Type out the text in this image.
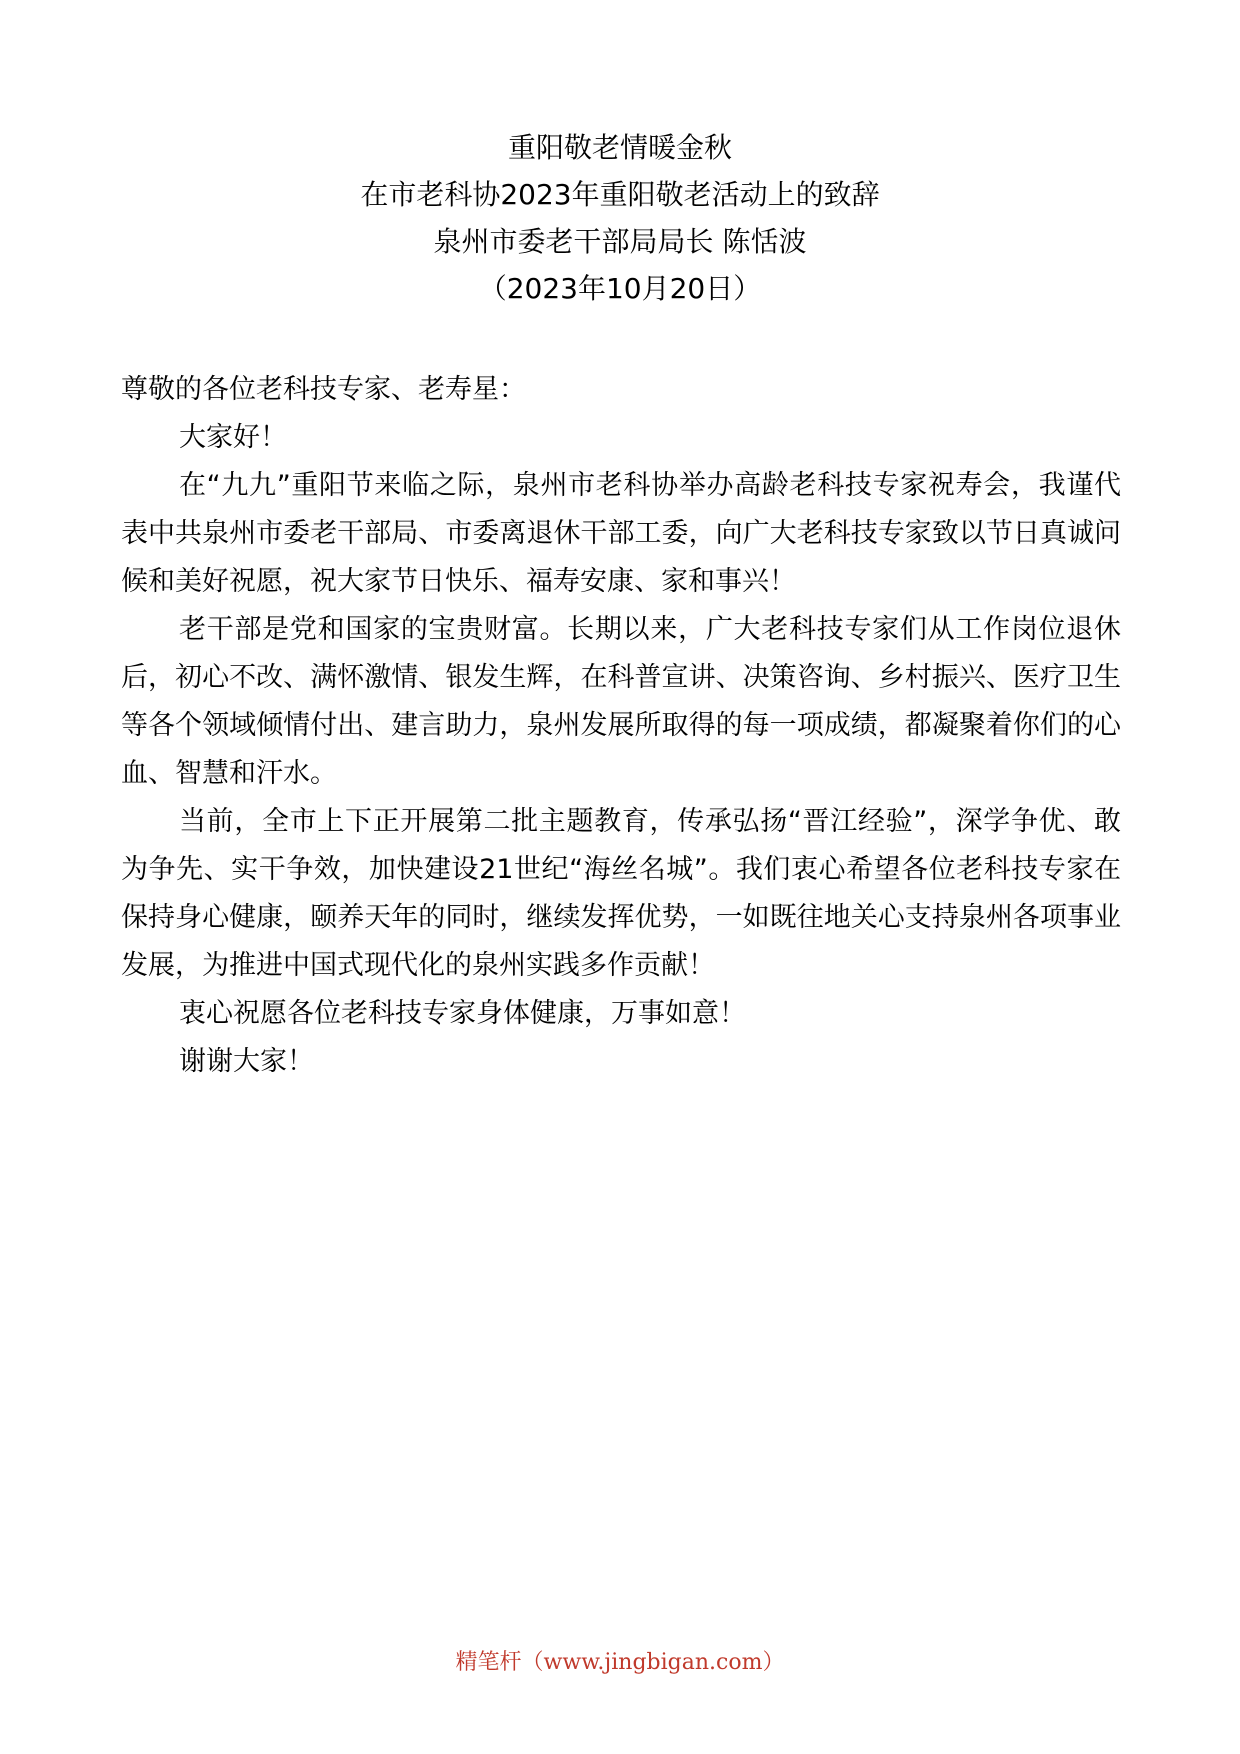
重阳敬老情暖金秋
在市老科协2023年重阳敬老活动上的致辞
泉州市委老干部局局长 陈恬波
（2023年10月20日）

尊敬的各位老科技专家、老寿星：

大家好！

在“九九”重阳节来临之际，泉州市老科协举办高龄老科技专家祝寿会，我谨代表中共泉州市委老干部局、市委离退休干部工委，向广大老科技专家致以节日真诚问候和美好祝愿，祝大家节日快乐、福寿安康、家和事兴！

老干部是党和国家的宝贵财富。长期以来，广大老科技专家们从工作岗位退休后，初心不改、满怀激情、银发生辉，在科普宣讲、决策咨询、乡村振兴、医疗卫生等各个领域倾情付出、建言助力，泉州发展所取得的每一项成绩，都凝聚着你们的心血、智慧和汗水。

当前，全市上下正开展第二批主题教育，传承弘扬“晋江经验”，深学争优、敢为争先、实干争效，加快建设21世纪“海丝名城”。我们衷心希望各位老科技专家在保持身心健康，颐养天年的同时，继续发挥优势，一如既往地关心支持泉州各项事业发展，为推进中国式现代化的泉州实践多作贡献！

衷心祝愿各位老科技专家身体健康，万事如意！

谢谢大家！

精笔杆（www.jingbigan.com）
